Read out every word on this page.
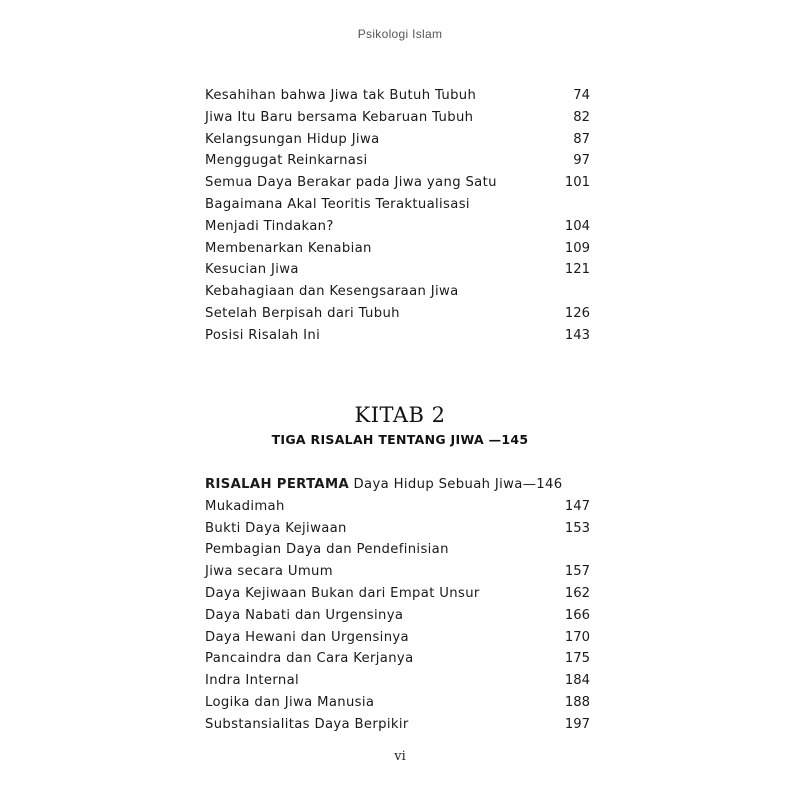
Psikologi Islam
Kesahihan bahwa Jiwa tak Butuh Tubuh	74
Jiwa Itu Baru bersama Kebaruan Tubuh	82
Kelangsungan Hidup Jiwa	87
Menggugat Reinkarnasi	97
Semua Daya Berakar pada Jiwa yang Satu	101
Bagaimana Akal Teoritis Teraktualisasi
Menjadi Tindakan?	104
Membenarkan Kenabian	109
Kesucian Jiwa	121
Kebahagiaan dan Kesengsaraan Jiwa
Setelah Berpisah dari Tubuh	126
Posisi Risalah Ini	143
KITAB 2
TIGA RISALAH TENTANG JIWA —145
RISALAH PERTAMA Daya Hidup Sebuah Jiwa—146
Mukadimah	147
Bukti Daya Kejiwaan	153
Pembagian Daya dan Pendefinisian
Jiwa secara Umum	157
Daya Kejiwaan Bukan dari Empat Unsur	162
Daya Nabati dan Urgensinya	166
Daya Hewani dan Urgensinya	170
Pancaindra dan Cara Kerjanya	175
Indra Internal	184
Logika dan Jiwa Manusia	188
Substansialitas Daya Berpikir	197
vi
